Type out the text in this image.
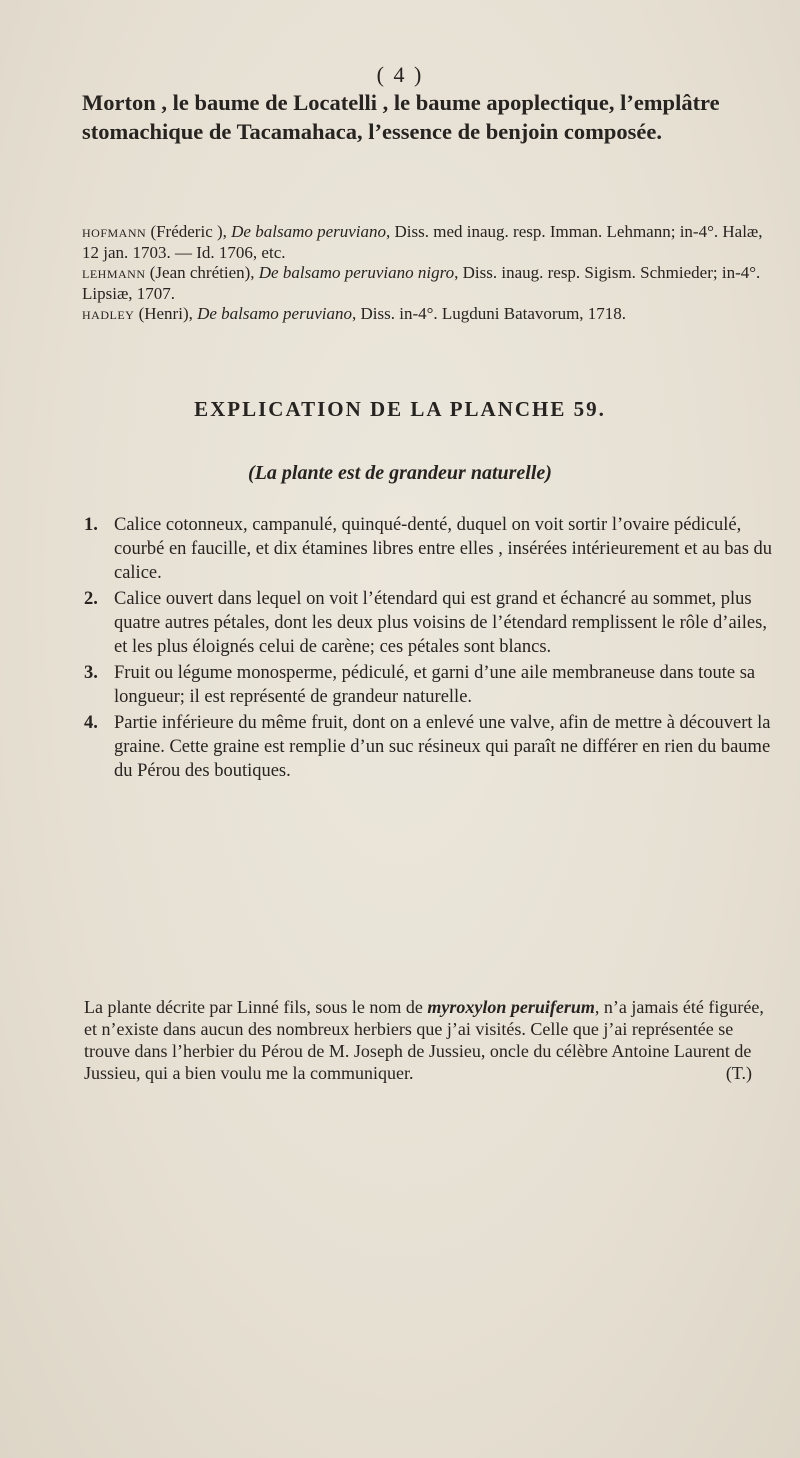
( 4 )

Morton , le baume de Locatelli , le baume apoplectique, l’emplâtre stomachique de Tacamahaca, l’essence de benjoin composée.

hofmann (Fréderic ), De balsamo peruviano, Diss. med inaug. resp. Imman. Lehmann; in-4°. Halæ, 12 jan. 1703. — Id. 1706, etc.

lehmann (Jean chrétien), De balsamo peruviano nigro, Diss. inaug. resp. Sigism. Schmieder; in-4°. Lipsiæ, 1707.

hadley (Henri), De balsamo peruviano, Diss. in-4°. Lugduni Batavorum, 1718.

EXPLICATION DE LA PLANCHE 59.
(La plante est de grandeur naturelle)
1. Calice cotonneux, campanulé, quinqué-denté, duquel on voit sortir l’ovaire pédiculé, courbé en faucille, et dix étamines libres entre elles , insérées intérieurement et au bas du calice.
2. Calice ouvert dans lequel on voit l’étendard qui est grand et échancré au sommet, plus quatre autres pétales, dont les deux plus voisins de l’étendard remplissent le rôle d’ailes, et les plus éloignés celui de carène; ces pétales sont blancs.
3. Fruit ou légume monosperme, pédiculé, et garni d’une aile membraneuse dans toute sa longueur; il est représenté de grandeur naturelle.
4. Partie inférieure du même fruit, dont on a enlevé une valve, afin de mettre à découvert la graine. Cette graine est remplie d’un suc résineux qui paraît ne différer en rien du baume du Pérou des boutiques.

La plante décrite par Linné fils, sous le nom de myroxylon peruiferum, n’a jamais été figurée, et n’existe dans aucun des nombreux herbiers que j’ai visités. Celle que j’ai représentée se trouve dans l’herbier du Pérou de M. Joseph de Jussieu, oncle du célèbre Antoine Laurent de Jussieu, qui a bien voulu me la communiquer.	(T.)
